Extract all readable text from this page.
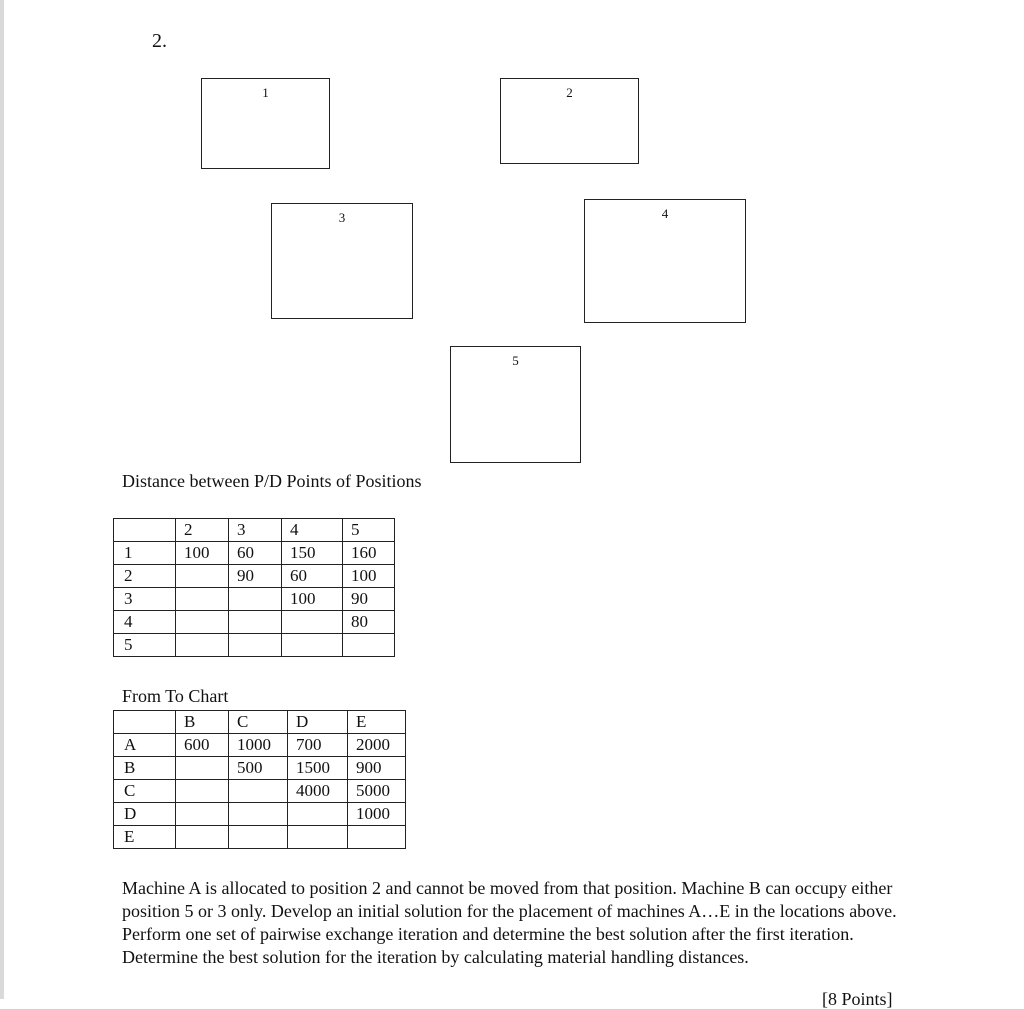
2.
1	2
3	4
5
Distance between P/D Points of Positions
	2	3	4	5
1	100	60	150	160
2		90	60	100
3			100	90
4				80
5				
From To Chart
	B	C	D	E
A	600	1000	700	2000
B		500	1500	900
C			4000	5000
D				1000
E				

Machine A is allocated to position 2 and cannot be moved from that position. Machine B can occupy either position 5 or 3 only. Develop an initial solution for the placement of machines A…E in the locations above. Perform one set of pairwise exchange iteration and determine the best solution after the first iteration. Determine the best solution for the iteration by calculating material handling distances.

[8 Points]
